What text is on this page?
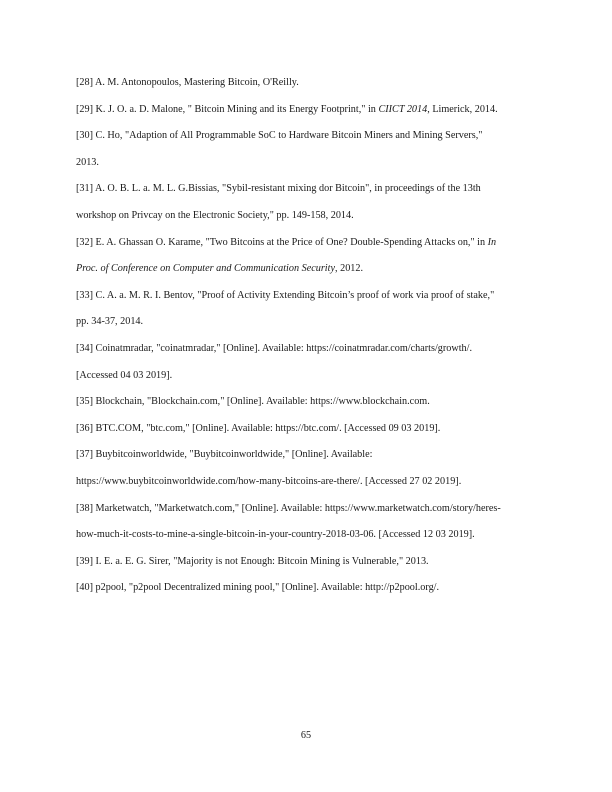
[28] A. M. Antonopoulos, Mastering Bitcoin, O'Reilly.
[29] K. J. O. a. D. Malone, " Bitcoin Mining and its Energy Footprint," in CIICT 2014, Limerick, 2014.
[30] C. Ho, "Adaption of All Programmable SoC to Hardware Bitcoin Miners and Mining Servers,"
2013.
[31] A. O. B. L. a. M. L. G.Bissias, "Sybil-resistant mixing dor Bitcoin", in proceedings of the 13th
workshop on Privcay on the Electronic Society," pp. 149-158, 2014.
[32] E. A. Ghassan O. Karame, "Two Bitcoins at the Price of One? Double-Spending Attacks on," in In
Proc. of Conference on Computer and Communication Security, 2012.
[33] C. A. a. M. R. I. Bentov, "Proof of Activity Extending Bitcoin’s proof of work via proof of stake,"
pp. 34-37, 2014.
[34] Coinatmradar, "coinatmradar," [Online]. Available: https://coinatmradar.com/charts/growth/.
[Accessed 04 03 2019].
[35] Blockchain, "Blockchain.com," [Online]. Available: https://www.blockchain.com.
[36] BTC.COM, "btc.com," [Online]. Available: https://btc.com/. [Accessed 09 03 2019].
[37] Buybitcoinworldwide, "Buybitcoinworldwide," [Online]. Available:
https://www.buybitcoinworldwide.com/how-many-bitcoins-are-there/. [Accessed 27 02 2019].
[38] Marketwatch, "Marketwatch.com," [Online]. Available: https://www.marketwatch.com/story/heres-
how-much-it-costs-to-mine-a-single-bitcoin-in-your-country-2018-03-06. [Accessed 12 03 2019].
[39] I. E. a. E. G. Sirer, "Majority is not Enough: Bitcoin Mining is Vulnerable," 2013.
[40] p2pool, "p2pool Decentralized mining pool," [Online]. Available: http://p2pool.org/.
65
